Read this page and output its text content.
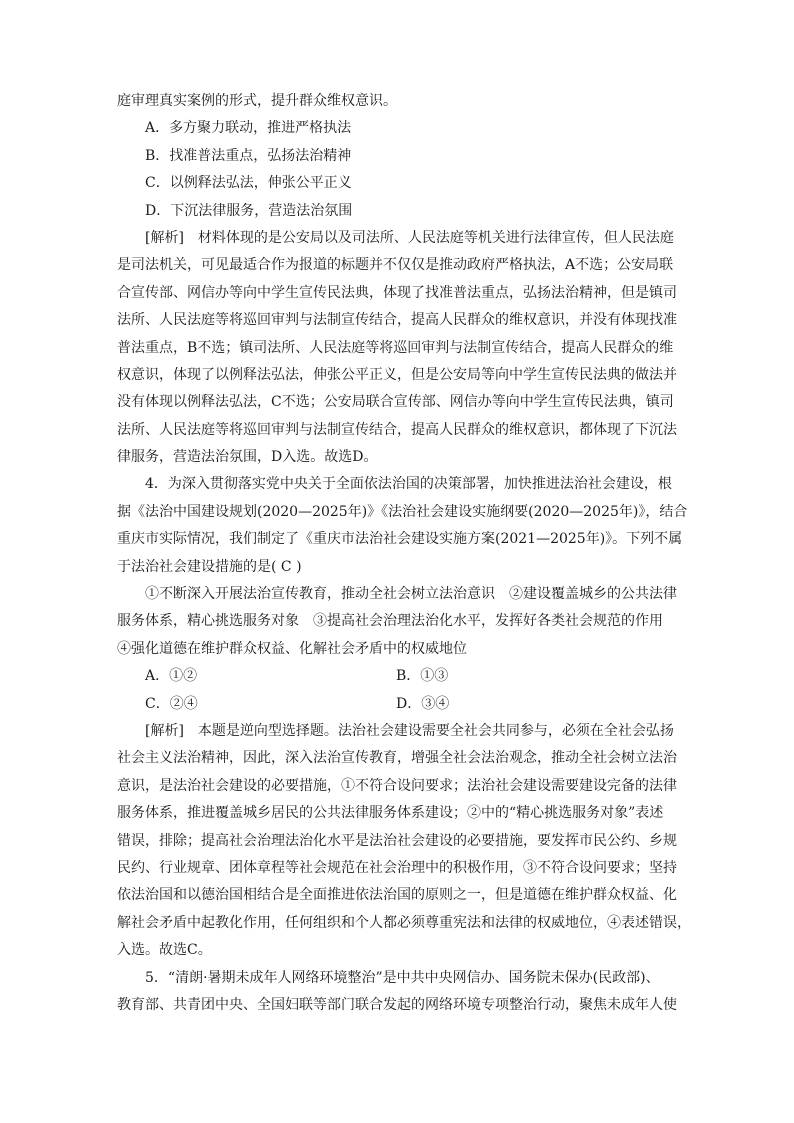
庭审理真实案例的形式，提升群众维权意识。
A．多方聚力联动，推进严格执法
B．找准普法重点，弘扬法治精神
C．以例释法弘法，伸张公平正义
D．下沉法律服务，营造法治氛围
[解析]　材料体现的是公安局以及司法所、人民法庭等机关进行法律宣传，但人民法庭
是司法机关，可见最适合作为报道的标题并不仅仅是推动政府严格执法，A不选；公安局联
合宣传部、网信办等向中学生宣传民法典，体现了找准普法重点，弘扬法治精神，但是镇司
法所、人民法庭等将巡回审判与法制宣传结合，提高人民群众的维权意识，并没有体现找准
普法重点，B不选；镇司法所、人民法庭等将巡回审判与法制宣传结合，提高人民群众的维
权意识，体现了以例释法弘法，伸张公平正义，但是公安局等向中学生宣传民法典的做法并
没有体现以例释法弘法，C不选；公安局联合宣传部、网信办等向中学生宣传民法典，镇司
法所、人民法庭等将巡回审判与法制宣传结合，提高人民群众的维权意识，都体现了下沉法
律服务，营造法治氛围，D入选。故选D。
4．为深入贯彻落实党中央关于全面依法治国的决策部署，加快推进法治社会建设，根
据《法治中国建设规划(2020—2025年)》《法治社会建设实施纲要(2020—2025年)》，结合
重庆市实际情况，我们制定了《重庆市法治社会建设实施方案(2021—2025年)》。下列不属
于法治社会建设措施的是( C )
①不断深入开展法治宣传教育，推动全社会树立法治意识　②建设覆盖城乡的公共法律
服务体系，精心挑选服务对象　③提高社会治理法治化水平，发挥好各类社会规范的作用
④强化道德在维护群众权益、化解社会矛盾中的权威地位
A．①②	B．①③
C．②④	D．③④
[解析]　本题是逆向型选择题。法治社会建设需要全社会共同参与，必须在全社会弘扬
社会主义法治精神，因此，深入法治宣传教育，增强全社会法治观念，推动全社会树立法治
意识，是法治社会建设的必要措施，①不符合设问要求；法治社会建设需要建设完备的法律
服务体系，推进覆盖城乡居民的公共法律服务体系建设；②中的“精心挑选服务对象”表述
错误，排除；提高社会治理法治化水平是法治社会建设的必要措施，要发挥市民公约、乡规
民约、行业规章、团体章程等社会规范在社会治理中的积极作用，③不符合设问要求；坚持
依法治国和以德治国相结合是全面推进依法治国的原则之一，但是道德在维护群众权益、化
解社会矛盾中起教化作用，任何组织和个人都必须尊重宪法和法律的权威地位，④表述错误，
入选。故选C。
5．“清朗·暑期未成年人网络环境整治”是中共中央网信办、国务院未保办(民政部)、
教育部、共青团中央、全国妇联等部门联合发起的网络环境专项整治行动，聚焦未成年人使
